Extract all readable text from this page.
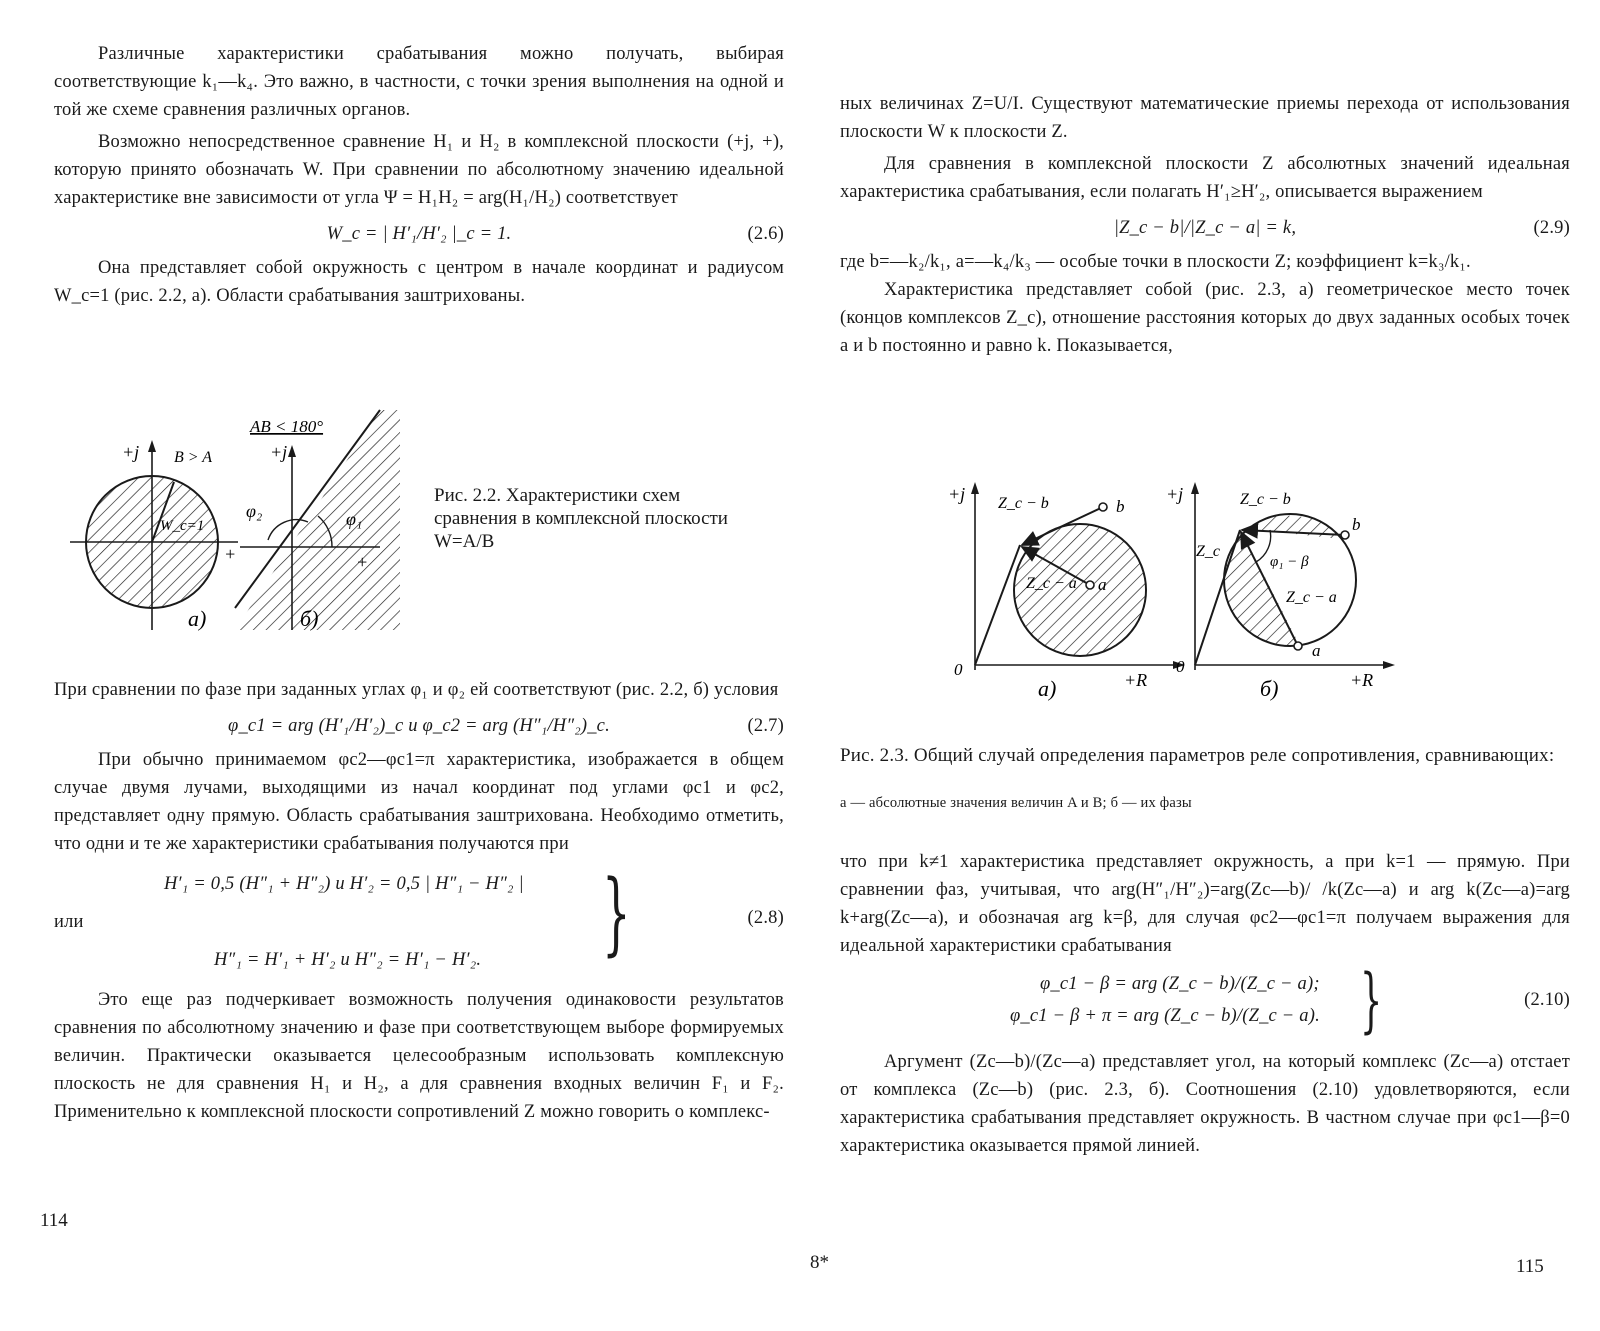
Различные характеристики срабатывания можно получать, выбирая соответствующие k₁—k₄. Это важно, в частности, с точки зрения выполнения на одной и той же схеме сравнения различных органов.

Возможно непосредственное сравнение H₁ и H₂ в комплексной плоскости (+j, +), которую принято обозначать W. При сравнении по абсолютному значению идеальной характеристике вне зависимости от угла Ψ = H₁H₂ = arg(H₁/H₂) соответствует

W_c = | H′₁/H′₂ |_c = 1.	(2.6)

Она представляет собой окружность с центром в начале координат и радиусом W_c=1 (рис. 2.2, a). Области срабатывания заштрихованы.

+j B > A
W_c=1
+
a)
AB < 180°
+j
φ₂	φ₁
+
б)
Рис. 2.2. Характеристики схем сравнения в комплексной плоскости W=A/B

При сравнении по фазе при заданных углах φ₁ и φ₂ ей соответствуют (рис. 2.2, б) условия

φ_c1 = arg (H′₁/H′₂)_c и φ_c2 = arg (H″₁/H″₂)_c.	(2.7)

При обычно принимаемом φc2—φc1=π характеристика, изображается в общем случае двумя лучами, выходящими из начал координат под углами φc1 и φc2, представляет одну прямую. Область срабатывания заштрихована. Необходимо отметить, что одни и те же характеристики срабатывания получаются при

H′₁ = 0,5 (H″₁ + H″₂) и H′₂ = 0,5 | H″₁ − H″₂ |
или
H″₁ = H′₁ + H′₂ и H″₂ = H′₁ − H′₂. }	(2.8)

Это еще раз подчеркивает возможность получения одинаковости результатов сравнения по абсолютному значению и фазе при соответствующем выборе формируемых величин. Практически оказывается целесообразным использовать комплексную плоскость не для сравнения H₁ и H₂, а для сравнения входных величин F₁ и F₂. Применительно к комплексной плоскости сопротивлений Z можно говорить о комплекс-

114

ных величинах Z=U/I. Существуют математические приемы перехода от использования плоскости W к плоскости Z.

Для сравнения в комплексной плоскости Z абсолютных значений идеальная характеристика срабатывания, если полагать H′₁≥H′₂, описывается выражением

|Z_c − b|/|Z_c − a| = k,	(2.9)

где b=—k₂/k₁, a=—k₄/k₃ — особые точки в плоскости Z; коэффициент k=k₃/k₁.

Характеристика представляет собой (рис. 2.3, a) геометрическое место точек (концов комплексов Z_c), отношение расстояния которых до двух заданных особых точек a и b постоянно и равно k. Показывается,

+j Z_c − b	b
a
Z_c − a
0
+R
a)
+j	Z_c − b
b
Z_c
φ₁ − β
Z_c − a
a
0
+R
б)
Рис. 2.3. Общий случай определения параметров реле сопротивления, сравнивающих:
a — абсолютные значения величин A и B; б — их фазы

что при k≠1 характеристика представляет окружность, а при k=1 — прямую. При сравнении фаз, учитывая, что arg(H″₁/H″₂)=arg(Zc—b)/ /k(Zc—a) и arg k(Zc—a)=arg k+arg(Zc—a), и обозначая arg k=β, для случая φc2—φc1=π получаем выражения для идеальной характеристики срабатывания

φ_c1 − β = arg (Z_c − b)/(Z_c − a);
φ_c1 − β + π = arg (Z_c − b)/(Z_c − a). }	(2.10)

Аргумент (Zc—b)/(Zc—a) представляет угол, на который комплекс (Zc—a) отстает от комплекса (Zc—b) (рис. 2.3, б). Соотношения (2.10) удовлетворяются, если характеристика срабатывания представляет окружность. В частном случае при φc1—β=0 характеристика оказывается прямой линией.

8*	115
